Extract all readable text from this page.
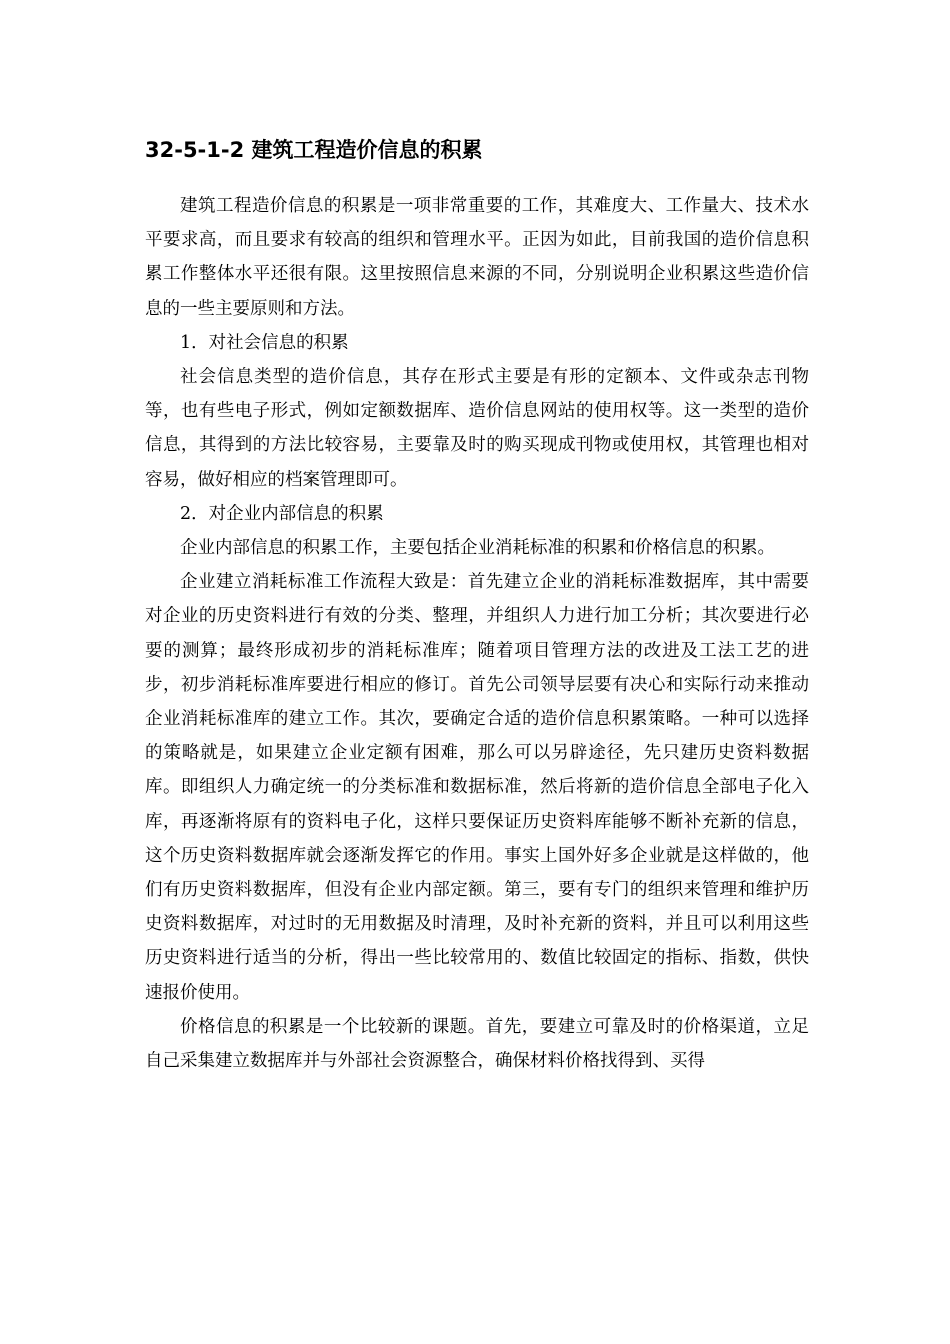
32-5-1-2 建筑工程造价信息的积累

建筑工程造价信息的积累是一项非常重要的工作，其难度大、工作量大、技术水平要求高，而且要求有较高的组织和管理水平。正因为如此，目前我国的造价信息积累工作整体水平还很有限。这里按照信息来源的不同，分别说明企业积累这些造价信息的一些主要原则和方法。

1．对社会信息的积累

社会信息类型的造价信息，其存在形式主要是有形的定额本、文件或杂志刊物等，也有些电子形式，例如定额数据库、造价信息网站的使用权等。这一类型的造价信息，其得到的方法比较容易，主要靠及时的购买现成刊物或使用权，其管理也相对容易，做好相应的档案管理即可。

2．对企业内部信息的积累

企业内部信息的积累工作，主要包括企业消耗标准的积累和价格信息的积累。

企业建立消耗标准工作流程大致是：首先建立企业的消耗标准数据库，其中需要对企业的历史资料进行有效的分类、整理，并组织人力进行加工分析；其次要进行必要的测算；最终形成初步的消耗标准库；随着项目管理方法的改进及工法工艺的进步，初步消耗标准库要进行相应的修订。首先公司领导层要有决心和实际行动来推动企业消耗标准库的建立工作。其次，要确定合适的造价信息积累策略。一种可以选择的策略就是，如果建立企业定额有困难，那么可以另辟途径，先只建历史资料数据库。即组织人力确定统一的分类标准和数据标准，然后将新的造价信息全部电子化入库，再逐渐将原有的资料电子化，这样只要保证历史资料库能够不断补充新的信息，这个历史资料数据库就会逐渐发挥它的作用。事实上国外好多企业就是这样做的，他们有历史资料数据库，但没有企业内部定额。第三，要有专门的组织来管理和维护历史资料数据库，对过时的无用数据及时清理，及时补充新的资料，并且可以利用这些历史资料进行适当的分析，得出一些比较常用的、数值比较固定的指标、指数，供快速报价使用。

价格信息的积累是一个比较新的课题。首先，要建立可靠及时的价格渠道，立足自己采集建立数据库并与外部社会资源整合，确保材料价格找得到、买得
